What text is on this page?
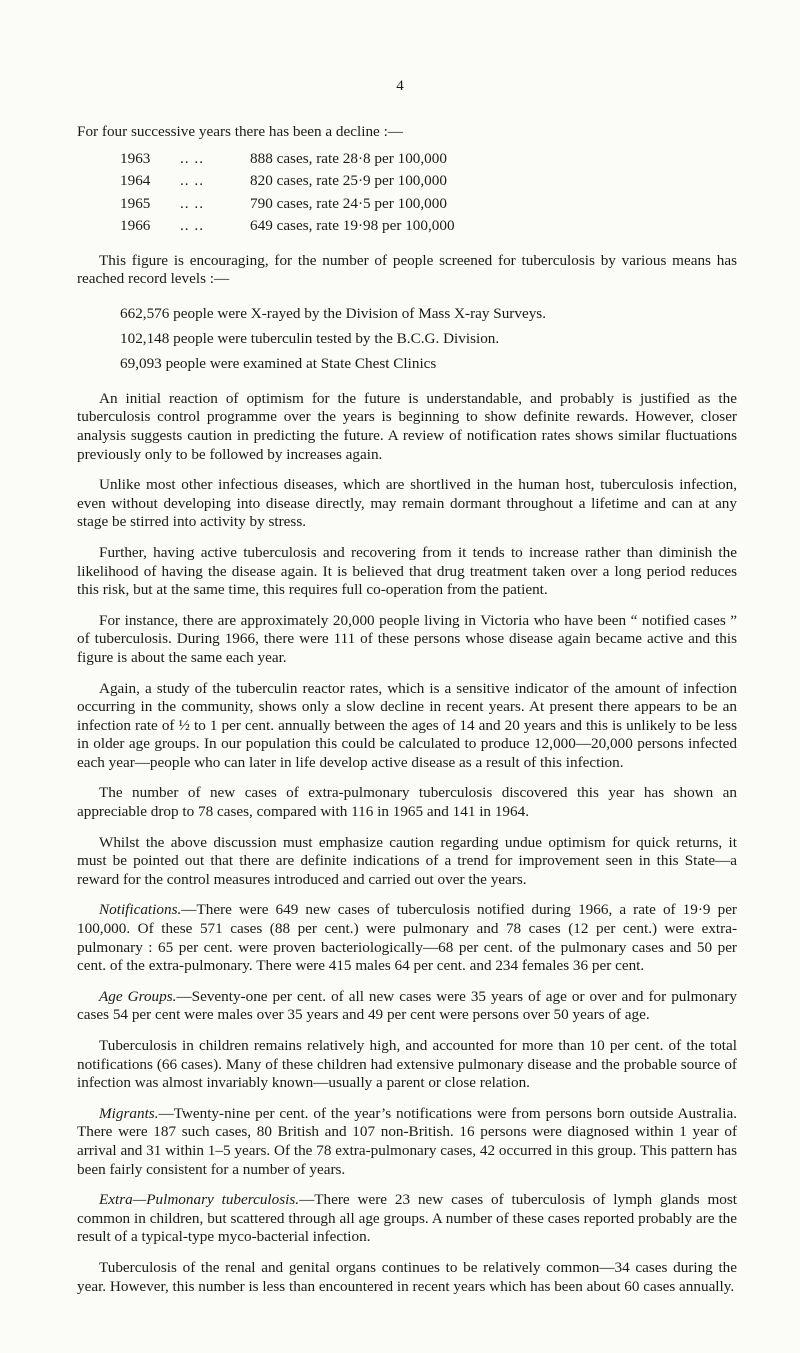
4

For four successive years there has been a decline :—

1963	.. ..	888 cases, rate 28·8 per 100,000
1964	.. ..	820 cases, rate 25·9 per 100,000
1965	.. ..	790 cases, rate 24·5 per 100,000
1966	.. ..	649 cases, rate 19·98 per 100,000

This figure is encouraging, for the number of people screened for tuberculosis by various means has reached record levels :—

662,576 people were X-rayed by the Division of Mass X-ray Surveys.
102,148 people were tuberculin tested by the B.C.G. Division.
69,093 people were examined at State Chest Clinics

An initial reaction of optimism for the future is understandable, and probably is justified as the tuberculosis control programme over the years is beginning to show definite rewards. However, closer analysis suggests caution in predicting the future. A review of notification rates shows similar fluctuations previously only to be followed by increases again.

Unlike most other infectious diseases, which are shortlived in the human host, tuberculosis infection, even without developing into disease directly, may remain dormant throughout a lifetime and can at any stage be stirred into activity by stress.

Further, having active tuberculosis and recovering from it tends to increase rather than diminish the likelihood of having the disease again. It is believed that drug treatment taken over a long period reduces this risk, but at the same time, this requires full co-operation from the patient.

For instance, there are approximately 20,000 people living in Victoria who have been “ notified cases ” of tuberculosis. During 1966, there were 111 of these persons whose disease again became active and this figure is about the same each year.

Again, a study of the tuberculin reactor rates, which is a sensitive indicator of the amount of infection occurring in the community, shows only a slow decline in recent years. At present there appears to be an infection rate of ½ to 1 per cent. annually between the ages of 14 and 20 years and this is unlikely to be less in older age groups. In our population this could be calculated to produce 12,000—20,000 persons infected each year—people who can later in life develop active disease as a result of this infection.

The number of new cases of extra-pulmonary tuberculosis discovered this year has shown an appreciable drop to 78 cases, compared with 116 in 1965 and 141 in 1964.

Whilst the above discussion must emphasize caution regarding undue optimism for quick returns, it must be pointed out that there are definite indications of a trend for improvement seen in this State—a reward for the control measures introduced and carried out over the years.

Notifications.—There were 649 new cases of tuberculosis notified during 1966, a rate of 19·9 per 100,000. Of these 571 cases (88 per cent.) were pulmonary and 78 cases (12 per cent.) were extra-pulmonary : 65 per cent. were proven bacteriologically—68 per cent. of the pulmonary cases and 50 per cent. of the extra-pulmonary. There were 415 males 64 per cent. and 234 females 36 per cent.

Age Groups.—Seventy-one per cent. of all new cases were 35 years of age or over and for pulmonary cases 54 per cent were males over 35 years and 49 per cent were persons over 50 years of age.

Tuberculosis in children remains relatively high, and accounted for more than 10 per cent. of the total notifications (66 cases). Many of these children had extensive pulmonary disease and the probable source of infection was almost invariably known—usually a parent or close relation.

Migrants.—Twenty-nine per cent. of the year’s notifications were from persons born outside Australia. There were 187 such cases, 80 British and 107 non-British. 16 persons were diagnosed within 1 year of arrival and 31 within 1–5 years. Of the 78 extra-pulmonary cases, 42 occurred in this group. This pattern has been fairly consistent for a number of years.

Extra—Pulmonary tuberculosis.—There were 23 new cases of tuberculosis of lymph glands most common in children, but scattered through all age groups. A number of these cases reported probably are the result of a typical-type myco-bacterial infection.

Tuberculosis of the renal and genital organs continues to be relatively common—34 cases during the year. However, this number is less than encountered in recent years which has been about 60 cases annually.
